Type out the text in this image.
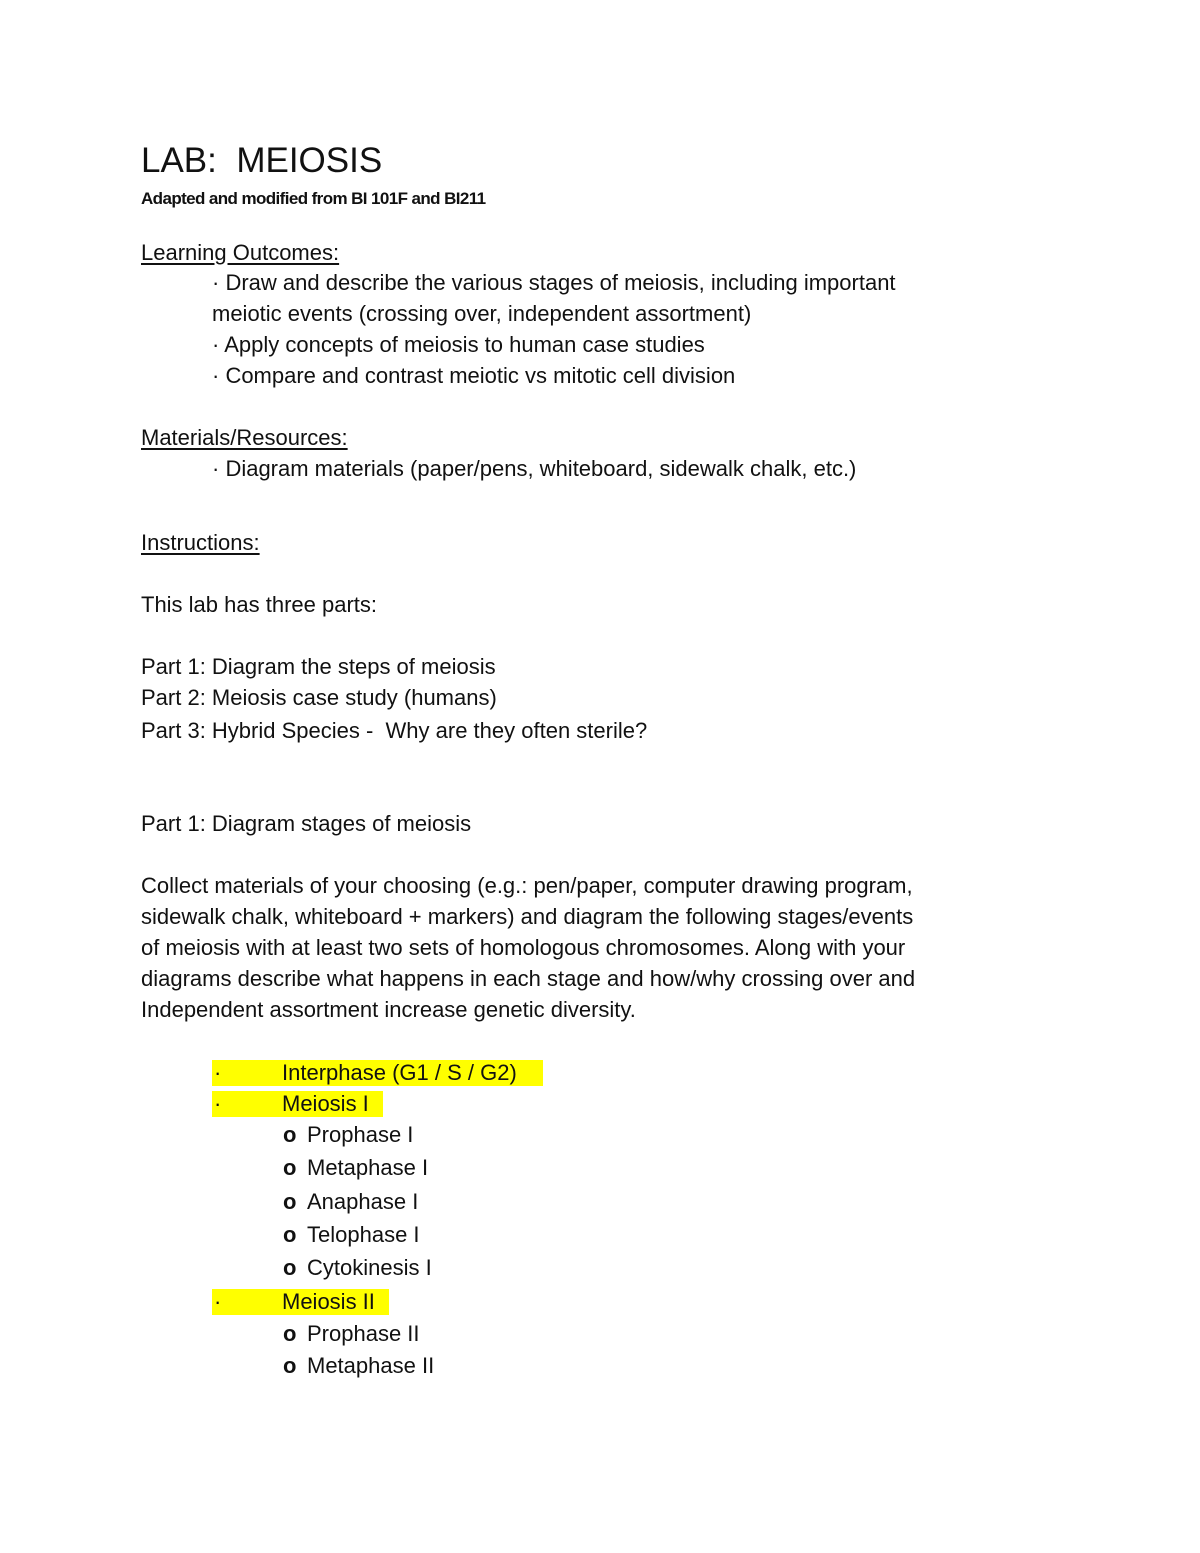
LAB:  MEIOSIS
Adapted and modified from BI 101F and BI211
Learning Outcomes:
· Draw and describe the various stages of meiosis, including important
meiotic events (crossing over, independent assortment)
· Apply concepts of meiosis to human case studies
· Compare and contrast meiotic vs mitotic cell division
Materials/Resources:
· Diagram materials (paper/pens, whiteboard, sidewalk chalk, etc.)
Instructions:
This lab has three parts:
Part 1: Diagram the steps of meiosis
Part 2: Meiosis case study (humans)
Part 3: Hybrid Species -  Why are they often sterile?
Part 1: Diagram stages of meiosis
Collect materials of your choosing (e.g.: pen/paper, computer drawing program,
sidewalk chalk, whiteboard + markers) and diagram the following stages/events
of meiosis with at least two sets of homologous chromosomes. Along with your
diagrams describe what happens in each stage and how/why crossing over and
Independent assortment increase genetic diversity.
·	Interphase (G1 / S / G2)
·	Meiosis I
o Prophase I
o Metaphase I
o Anaphase I
o Telophase I
o Cytokinesis I
·	Meiosis II
o Prophase II
o Metaphase II
